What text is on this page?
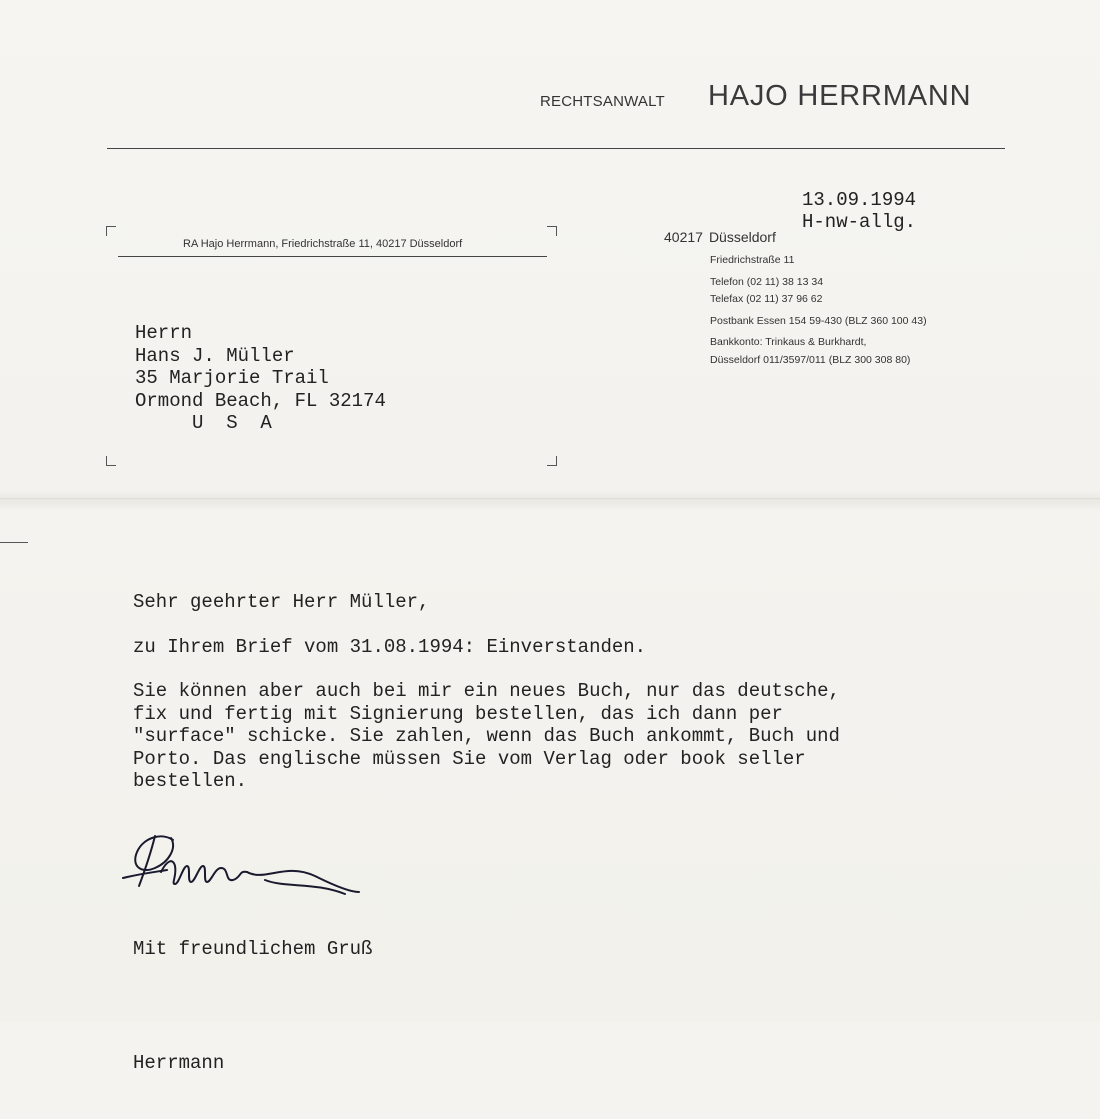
RECHTSANWALT HAJO HERRMANN
13.09.1994
H-nw-allg.
40217 Düsseldorf
Friedrichstraße 11
Telefon (02 11) 38 13 34
Telefax (02 11) 37 96 62
Postbank Essen 154 59-430 (BLZ 360 100 43)
Bankkonto: Trinkaus & Burkhardt,
Düsseldorf 011/3597/011 (BLZ 300 308 80)
RA Hajo Herrmann, Friedrichstraße 11, 40217 Düsseldorf
Herrn
Hans J. Müller
35 Marjorie Trail
Ormond Beach, FL 32174
U  S  A

Sehr geehrter Herr Müller,

zu Ihrem Brief vom 31.08.1994: Einverstanden.

Sie können aber auch bei mir ein neues Buch, nur das deutsche,

fix und fertig mit Signierung bestellen, das ich dann per

"surface" schicke. Sie zahlen, wenn das Buch ankommt, Buch und

Porto. Das englische müssen Sie vom Verlag oder book seller

bestellen.

Mit freundlichem Gruß

Herrmann
